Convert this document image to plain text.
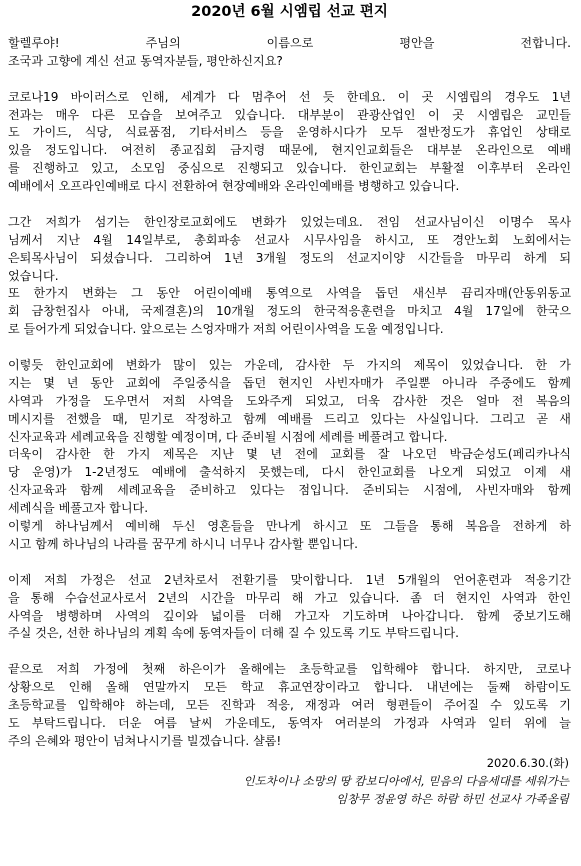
2020년 6월 시엠립 선교 편지
할렐루야! 주님의 이름으로 평안을 전합니다.
조국과 고향에 계신 선교 동역자분들, 평안하신지요?
코로나19 바이러스로 인해, 세계가 다 멈추어 선 듯 한데요. 이 곳 시엠립의 경우도 1년
전과는 매우 다른 모습을 보여주고 있습니다. 대부분이 관광산업인 이 곳 시엠립은 교민들
도 가이드, 식당, 식료품점, 기타서비스 등을 운영하시다가 모두 절반정도가 휴업인 상태로
있을 정도입니다. 여전히 종교집회 금지령 때문에, 현지인교회들은 대부분 온라인으로 예배
를 진행하고 있고, 소모임 중심으로 진행되고 있습니다. 한인교회는 부활절 이후부터 온라인
예배에서 오프라인예배로 다시 전환하여 현장예배와 온라인예배를 병행하고 있습니다.
그간 저희가 섬기는 한인장로교회에도 변화가 있었는데요. 전임 선교사님이신 이명수 목사
님께서 지난 4월 14일부로, 총회파송 선교사 시무사임을 하시고, 또 경안노회 노회에서는
은퇴목사님이 되셨습니다. 그리하여 1년 3개월 정도의 선교지이양 시간들을 마무리 하게 되
었습니다.
또 한가지 변화는 그 동안 어린이예배 통역으로 사역을 돕던 새신부 끔리자매(안동위동교
회 금창헌집사 아내, 국제결혼)의 10개월 정도의 한국적응훈련을 마치고 4월 17일에 한국으
로 들어가게 되었습니다. 앞으로는 스엉자매가 저희 어린이사역을 도울 예정입니다.
이렇듯 한인교회에 변화가 많이 있는 가운데, 감사한 두 가지의 제목이 있었습니다. 한 가
지는 몇 년 동안 교회에 주일중식을 돕던 현지인 사빈자매가 주일뿐 아니라 주중에도 함께
사역과 가정을 도우면서 저희 사역을 도와주게 되었고, 더욱 감사한 것은 얼마 전 복음의
메시지를 전했을 때, 믿기로 작정하고 함께 예배를 드리고 있다는 사실입니다. 그리고 곧 새
신자교육과 세례교육을 진행할 예정이며, 다 준비될 시점에 세례를 베풀려고 합니다.
더욱이 감사한 한 가지 제목은 지난 몇 년 전에 교회를 잘 나오던 박금순성도(페리카나식
당 운영)가 1-2년정도 예배에 출석하지 못했는데, 다시 한인교회를 나오게 되었고 이제 새
신자교육과 함께 세례교육을 준비하고 있다는 점입니다. 준비되는 시점에, 사빈자매와 함께
세례식을 베풀고자 합니다.
이렇게 하나님께서 예비해 두신 영혼들을 만나게 하시고 또 그들을 통해 복음을 전하게 하
시고 함께 하나님의 나라를 꿈꾸게 하시니 너무나 감사할 뿐입니다.
이제 저희 가정은 선교 2년차로서 전환기를 맞이합니다. 1년 5개월의 언어훈련과 적응기간
을 통해 수습선교사로서 2년의 시간을 마무리 해 가고 있습니다. 좀 더 현지인 사역과 한인
사역을 병행하며 사역의 깊이와 넓이를 더해 가고자 기도하며 나아갑니다. 함께 중보기도해
주실 것은, 선한 하나님의 계획 속에 동역자들이 더해 질 수 있도록 기도 부탁드립니다.
끝으로 저희 가정에 첫째 하은이가 올해에는 초등학교를 입학해야 합니다. 하지만, 코로나
상황으로 인해 올해 연말까지 모든 학교 휴교연장이라고 합니다. 내년에는 둘째 하람이도
초등학교를 입학해야 하는데, 모든 진학과 적응, 재정과 여러 형편들이 주어질 수 있도록 기
도 부탁드립니다. 더운 여름 날씨 가운데도, 동역자 여러분의 가정과 사역과 일터 위에 늘
주의 은혜와 평안이 넘쳐나시기를 빌겠습니다. 샬롬!
2020.6.30.(화)
인도차이나 소망의 땅 캄보디아에서, 믿음의 다음세대를 세워가는
임창무 정윤영 하은 하람 하민 선교사 가족올림
